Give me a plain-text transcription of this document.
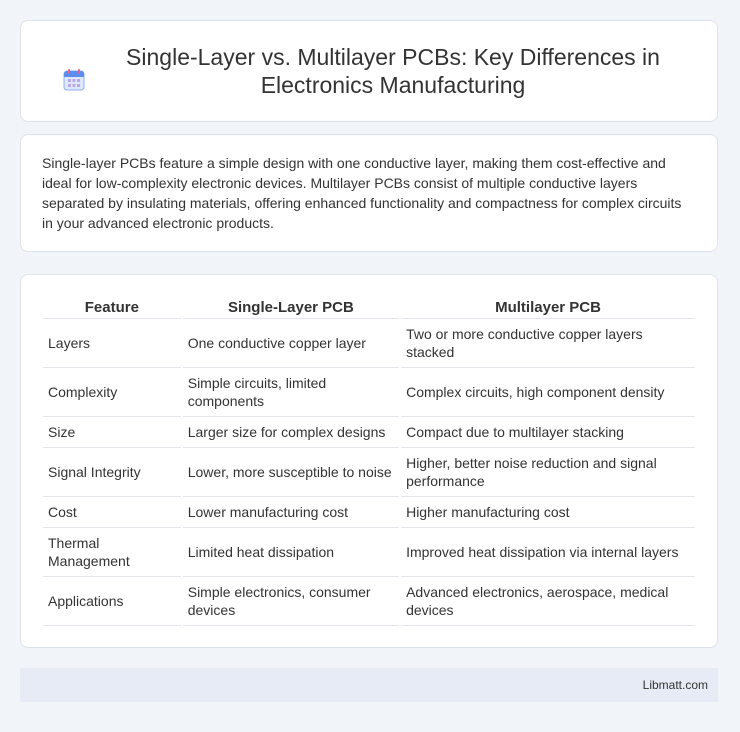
Single-Layer vs. Multilayer PCBs: Key Differences in Electronics Manufacturing

Single-layer PCBs feature a simple design with one conductive layer, making them cost-effective and ideal for low-complexity electronic devices. Multilayer PCBs consist of multiple conductive layers separated by insulating materials, offering enhanced functionality and compactness for complex circuits in your advanced electronic products.

Feature	Single-Layer PCB	Multilayer PCB
Layers	One conductive copper layer	Two or more conductive copper layers stacked
Complexity	Simple circuits, limited components	Complex circuits, high component density
Size	Larger size for complex designs	Compact due to multilayer stacking
Signal Integrity	Lower, more susceptible to noise	Higher, better noise reduction and signal performance
Cost	Lower manufacturing cost	Higher manufacturing cost
Thermal Management	Limited heat dissipation	Improved heat dissipation via internal layers
Applications	Simple electronics, consumer devices	Advanced electronics, aerospace, medical devices
Libmatt.com
